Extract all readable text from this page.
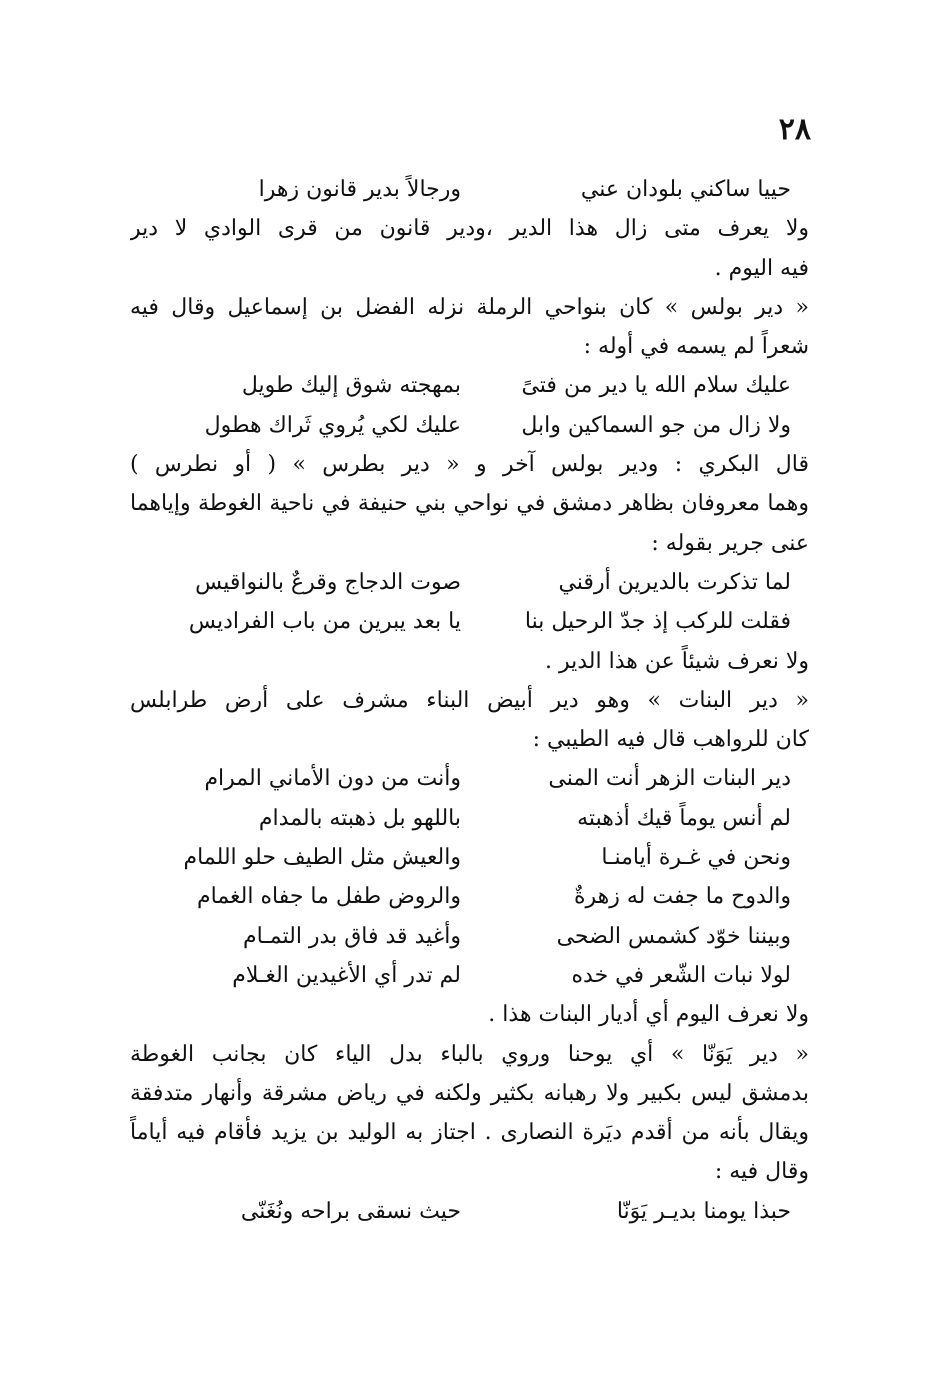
٢٨
حييا ساكني بلودان عني
ورجالاً بدير قانون زهرا
ولا يعرف متى زال هذا الدير ،ودير قانون من قرى الوادي لا دير
فيه اليوم .
« دير بولس » كان بنواحي الرملة نزله الفضل بن إسماعيل وقال فيه
شعراً لم يسمه في أوله :
عليك سلام الله يا دير من فتىً
بمهجته شوق إليك طويل
ولا زال من جو السماكين وابل
عليك لكي يُروي ثَراك هطول
قال البكري : ودير بولس آخر و « دير بطرس » ( أو نطرس )
وهما معروفان بظاهر دمشق في نواحي بني حنيفة في ناحية الغوطة وإياهما
عنى جرير بقوله :
لما تذكرت بالديرين أرقني
صوت الدجاج وقرعٌ بالنواقيس
فقلت للركب إذ جدّ الرحيل بنا
يا بعد يبرين من باب الفراديس
ولا نعرف شيئاً عن هذا الدير .
« دير البنات » وهو دير أبيض البناء مشرف على أرض طرابلس
كان للرواهب قال فيه الطيبي :
دير البنات الزهر أنت المنى
وأنت من دون الأماني المرام
لم أنس يوماً قيك أذهبته
باللهو بل ذهبته بالمدام
ونحن في غـرة أيامنـا
والعيش مثل الطيف حلو اللمام
والدوح ما جفت له زهرةٌ
والروض طفل ما جفاه الغمام
وبيننا خوّد كشمس الضحى
وأغيد قد فاق بدر التمـام
لولا نبات الشّعر في خده
لم تدر أي الأغيدين الغـلام
ولا نعرف اليوم أي أديار البنات هذا .
« دير يَوَنّا » أي يوحنا وروي بالباء بدل الياء كان بجانب الغوطة
بدمشق ليس بكبير ولا رهبانه بكثير ولكنه في رياض مشرقة وأنهار متدفقة
ويقال بأنه من أقدم ديَرة النصارى . اجتاز به الوليد بن يزيد فأقام فيه أياماً
وقال فيه :
حبذا يومنا بديـر يَوَنّا
حيث نسقى براحه ونُغَنّى
